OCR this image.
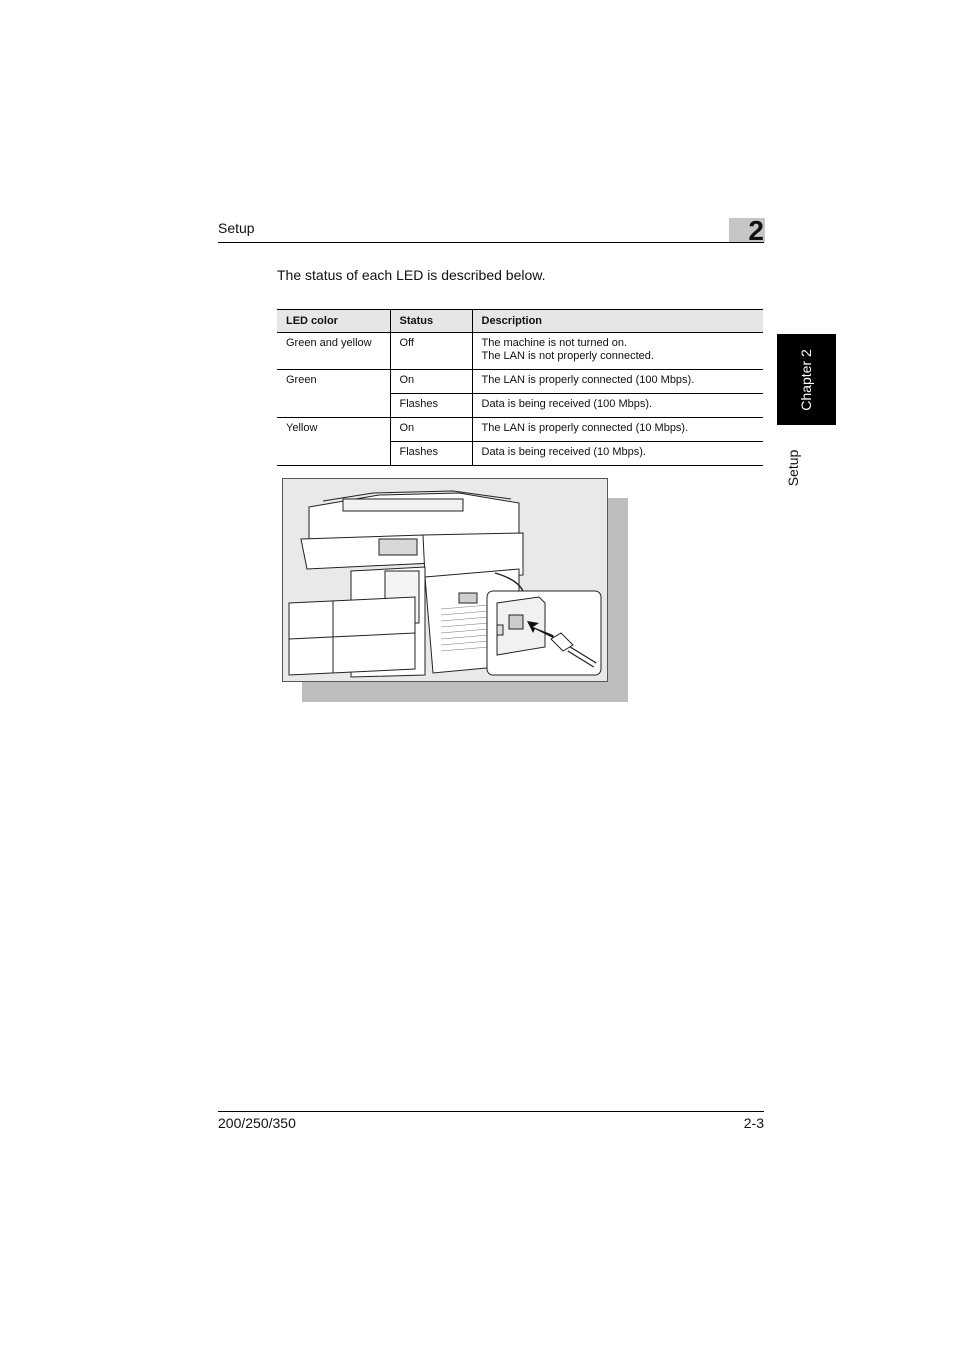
Setup	2
Chapter 2
Setup
The status of each LED is described below.
LED color	Status	Description
Green and yellow	Off	The machine is not turned on.
The LAN is not properly connected.

Green	On	The LAN is properly connected (100 Mbps).
	Flashes	Data is being received (100 Mbps).
Yellow	On	The LAN is properly connected (10 Mbps).
	Flashes	Data is being received (10 Mbps).
200/250/350	2-3
